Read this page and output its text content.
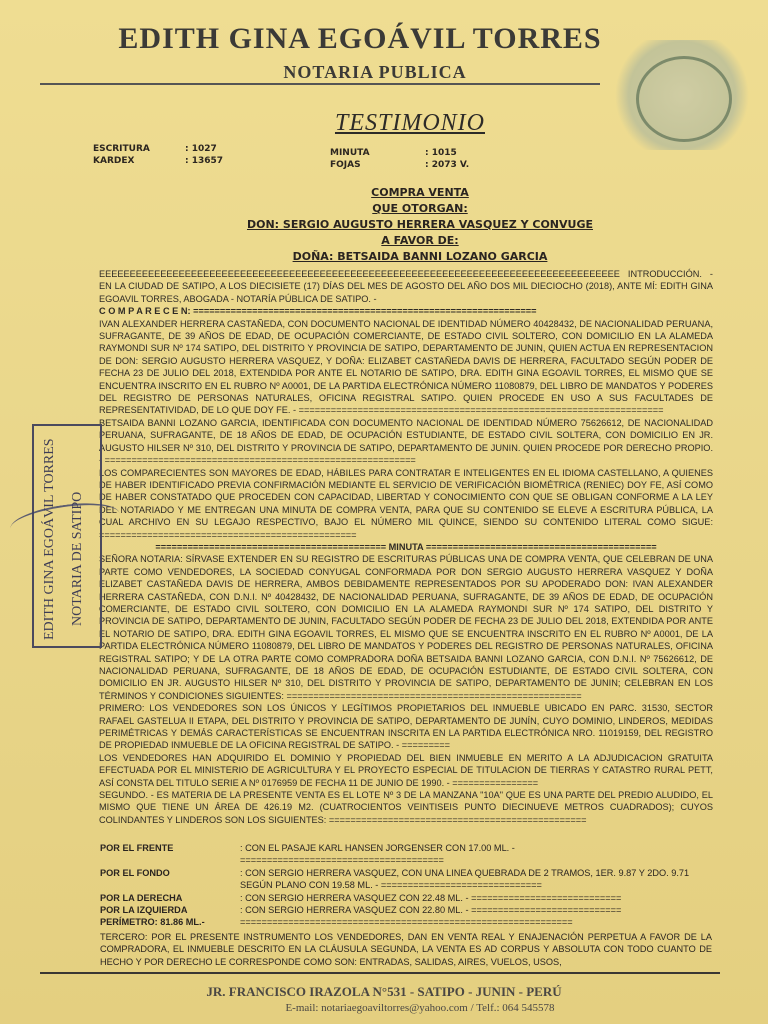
EDITH GINA EGOÁVIL TORRES
NOTARIA PUBLICA
TESTIMONIO
ESCRITURA	: 1027
KARDEX	: 13657
MINUTA	: 1015
FOJAS	: 2073 V.
COMPRA VENTA
QUE OTORGAN:
DON: SERGIO AUGUSTO HERRERA VASQUEZ Y CONVUGE
A FAVOR DE:
DOÑA: BETSAIDA BANNI LOZANO GARCIA

EEEEEEEEEEEEEEEEEEEEEEEEEEEEEEEEEEEEEEEEEEEEEEEEEEEEEEEEEEEEEEEEEEEEEEEEEEEEEEEEEEEEE INTRODUCCIÓN. - EN LA CIUDAD DE SATIPO, A LOS DIECISIETE (17) DÍAS DEL MES DE AGOSTO DEL AÑO DOS MIL DIECIOCHO (2018), ANTE MÍ: EDITH GINA EGOAVIL TORRES, ABOGADA - NOTARÍA PÚBLICA DE SATIPO. -

C O M P A R E C E N: ================================================================

IVAN ALEXANDER HERRERA CASTAÑEDA, CON DOCUMENTO NACIONAL DE IDENTIDAD NÚMERO 40428432, DE NACIONALIDAD PERUANA, SUFRAGANTE, DE 39 AÑOS DE EDAD, DE OCUPACIÓN COMERCIANTE, DE ESTADO CIVIL SOLTERO, CON DOMICILIO EN LA ALAMEDA RAYMONDI SUR Nº 174 SATIPO, DEL DISTRITO Y PROVINCIA DE SATIPO, DEPARTAMENTO DE JUNIN, QUIEN ACTUA EN REPRESENTACION DE DON: SERGIO AUGUSTO HERRERA VASQUEZ, Y DOÑA: ELIZABET CASTAÑEDA DAVIS DE HERRERA, FACULTADO SEGÚN PODER DE FECHA 23 DE JULIO DEL 2018, EXTENDIDA POR ANTE EL NOTARIO DE SATIPO, DRA. EDITH GINA EGOAVIL TORRES, EL MISMO QUE SE ENCUENTRA INSCRITO EN EL RUBRO Nº A0001, DE LA PARTIDA ELECTRÓNICA NÚMERO 11080879, DEL LIBRO DE MANDATOS Y PODERES DEL REGISTRO DE PERSONAS NATURALES, OFICINA REGISTRAL SATIPO. QUIEN PROCEDE EN USO A SUS FACULTADES DE REPRESENTATIVIDAD, DE LO QUE DOY FE. - ====================================================================

BETSAIDA BANNI LOZANO GARCIA, IDENTIFICADA CON DOCUMENTO NACIONAL DE IDENTIDAD NÚMERO 75626612, DE NACIONALIDAD PERUANA, SUFRAGANTE, DE 18 AÑOS DE EDAD, DE OCUPACIÓN ESTUDIANTE, DE ESTADO CIVIL SOLTERA, CON DOMICILIO EN JR. AUGUSTO HILSER Nº 310, DEL DISTRITO Y PROVINCIA DE SATIPO, DEPARTAMENTO DE JUNIN. QUIEN PROCEDE POR DERECHO PROPIO. - ==========================================================

LOS COMPARECIENTES SON MAYORES DE EDAD, HÁBILES PARA CONTRATAR E INTELIGENTES EN EL IDIOMA CASTELLANO, A QUIENES DE HABER IDENTIFICADO PREVIA CONFIRMACIÓN MEDIANTE EL SERVICIO DE VERIFICACIÓN BIOMÉTRICA (RENIEC) DOY FE, ASÍ COMO DE HABER CONSTATADO QUE PROCEDEN CON CAPACIDAD, LIBERTAD Y CONOCIMIENTO CON QUE SE OBLIGAN CONFORME A LA LEY DEL NOTARIADO Y ME ENTREGAN UNA MINUTA DE COMPRA VENTA, PARA QUE SU CONTENIDO SE ELEVE A ESCRITURA PÚBLICA, LA CUAL ARCHIVO EN SU LEGAJO RESPECTIVO, BAJO EL NÚMERO MIL QUINCE, SIENDO SU CONTENIDO LITERAL COMO SIGUE: ================================================

=========================================== MINUTA ===========================================

SEÑORA NOTARIA: SÍRVASE EXTENDER EN SU REGISTRO DE ESCRITURAS PÚBLICAS UNA DE COMPRA VENTA, QUE CELEBRAN DE UNA PARTE COMO VENDEDORES, LA SOCIEDAD CONYUGAL CONFORMADA POR DON SERGIO AUGUSTO HERRERA VASQUEZ Y DOÑA ELIZABET CASTAÑEDA DAVIS DE HERRERA, AMBOS DEBIDAMENTE REPRESENTADOS POR SU APODERADO DON: IVAN ALEXANDER HERRERA CASTAÑEDA, CON D.N.I. Nº 40428432, DE NACIONALIDAD PERUANA, SUFRAGANTE, DE 39 AÑOS DE EDAD, DE OCUPACIÓN COMERCIANTE, DE ESTADO CIVIL SOLTERO, CON DOMICILIO EN LA ALAMEDA RAYMONDI SUR Nº 174 SATIPO, DEL DISTRITO Y PROVINCIA DE SATIPO, DEPARTAMENTO DE JUNIN, FACULTADO SEGÚN PODER DE FECHA 23 DE JULIO DEL 2018, EXTENDIDA POR ANTE EL NOTARIO DE SATIPO, DRA. EDITH GINA EGOAVIL TORRES, EL MISMO QUE SE ENCUENTRA INSCRITO EN EL RUBRO Nº A0001, DE LA PARTIDA ELECTRÓNICA NÚMERO 11080879, DEL LIBRO DE MANDATOS Y PODERES DEL REGISTRO DE PERSONAS NATURALES, OFICINA REGISTRAL SATIPO; Y DE LA OTRA PARTE COMO COMPRADORA DOÑA BETSAIDA BANNI LOZANO GARCIA, CON D.N.I. Nº 75626612, DE NACIONALIDAD PERUANA, SUFRAGANTE, DE 18 AÑOS DE EDAD, DE OCUPACIÓN ESTUDIANTE, DE ESTADO CIVIL SOLTERA, CON DOMICILIO EN JR. AUGUSTO HILSER Nº 310, DEL DISTRITO Y PROVINCIA DE SATIPO, DEPARTAMENTO DE JUNIN; CELEBRAN EN LOS TÉRMINOS Y CONDICIONES SIGUIENTES: =======================================================

PRIMERO: LOS VENDEDORES SON LOS ÚNICOS Y LEGÍTIMOS PROPIETARIOS DEL INMUEBLE UBICADO EN PARC. 31530, SECTOR RAFAEL GASTELUA II ETAPA, DEL DISTRITO Y PROVINCIA DE SATIPO, DEPARTAMENTO DE JUNÍN, CUYO DOMINIO, LINDEROS, MEDIDAS PERIMÉTRICAS Y DEMÁS CARACTERÍSTICAS SE ENCUENTRAN INSCRITA EN LA PARTIDA ELECTRÓNICA NRO. 11019159, DEL REGISTRO DE PROPIEDAD INMUEBLE DE LA OFICINA REGISTRAL DE SATIPO. - =========

LOS VENDEDORES HAN ADQUIRIDO EL DOMINIO Y PROPIEDAD DEL BIEN INMUEBLE EN MERITO A LA ADJUDICACION GRATUITA EFECTUADA POR EL MINISTERIO DE AGRICULTURA Y EL PROYECTO ESPECIAL DE TITULACION DE TIERRAS Y CATASTRO RURAL PETT, ASÍ CONSTA DEL TITULO SERIE A Nº 0176959 DE FECHA 11 DE JUNIO DE 1990. - ================

SEGUNDO. - ES MATERIA DE LA PRESENTE VENTA ES EL LOTE Nº 3 DE LA MANZANA "10A" QUE ES UNA PARTE DEL PREDIO ALUDIDO, EL MISMO QUE TIENE UN ÁREA DE 426.19 M2. (CUATROCIENTOS VEINTISEIS PUNTO DIECINUEVE METROS CUADRADOS); CUYOS COLINDANTES Y LINDEROS SON LOS SIGUIENTES: ================================================

POR EL FRENTE	: CON EL PASAJE KARL HANSEN JORGENSER CON 17.00 ML. - ======================================
POR EL FONDO	: CON SERGIO HERRERA VASQUEZ, CON UNA LINEA QUEBRADA DE 2 TRAMOS, 1ER. 9.87 Y 2DO. 9.71 SEGÚN PLANO CON 19.58 ML. - ==============================
POR LA DERECHA	: CON SERGIO HERRERA VASQUEZ CON 22.48 ML. - ============================
POR LA IZQUIERDA	: CON SERGIO HERRERA VASQUEZ CON 22.80 ML. - ============================
PERÍMETRO: 81.86 ML.-	==============================================================

TERCERO: POR EL PRESENTE INSTRUMENTO LOS VENDEDORES, DAN EN VENTA REAL Y ENAJENACIÓN PERPETUA A FAVOR DE LA COMPRADORA, EL INMUEBLE DESCRITO EN LA CLÁUSULA SEGUNDA, LA VENTA ES AD CORPUS Y ABSOLUTA CON TODO CUANTO DE HECHO Y POR DERECHO LE CORRESPONDE COMO SON: ENTRADAS, SALIDAS, AIRES, VUELOS, USOS,

EDITH GINA EGOÁVIL TORRES NOTARIA DE SATIPO
JR. FRANCISCO IRAZOLA N°531 - SATIPO - JUNIN - PERÚ
E-mail: notariaegoaviltorres@yahoo.com / Telf.: 064 545578
